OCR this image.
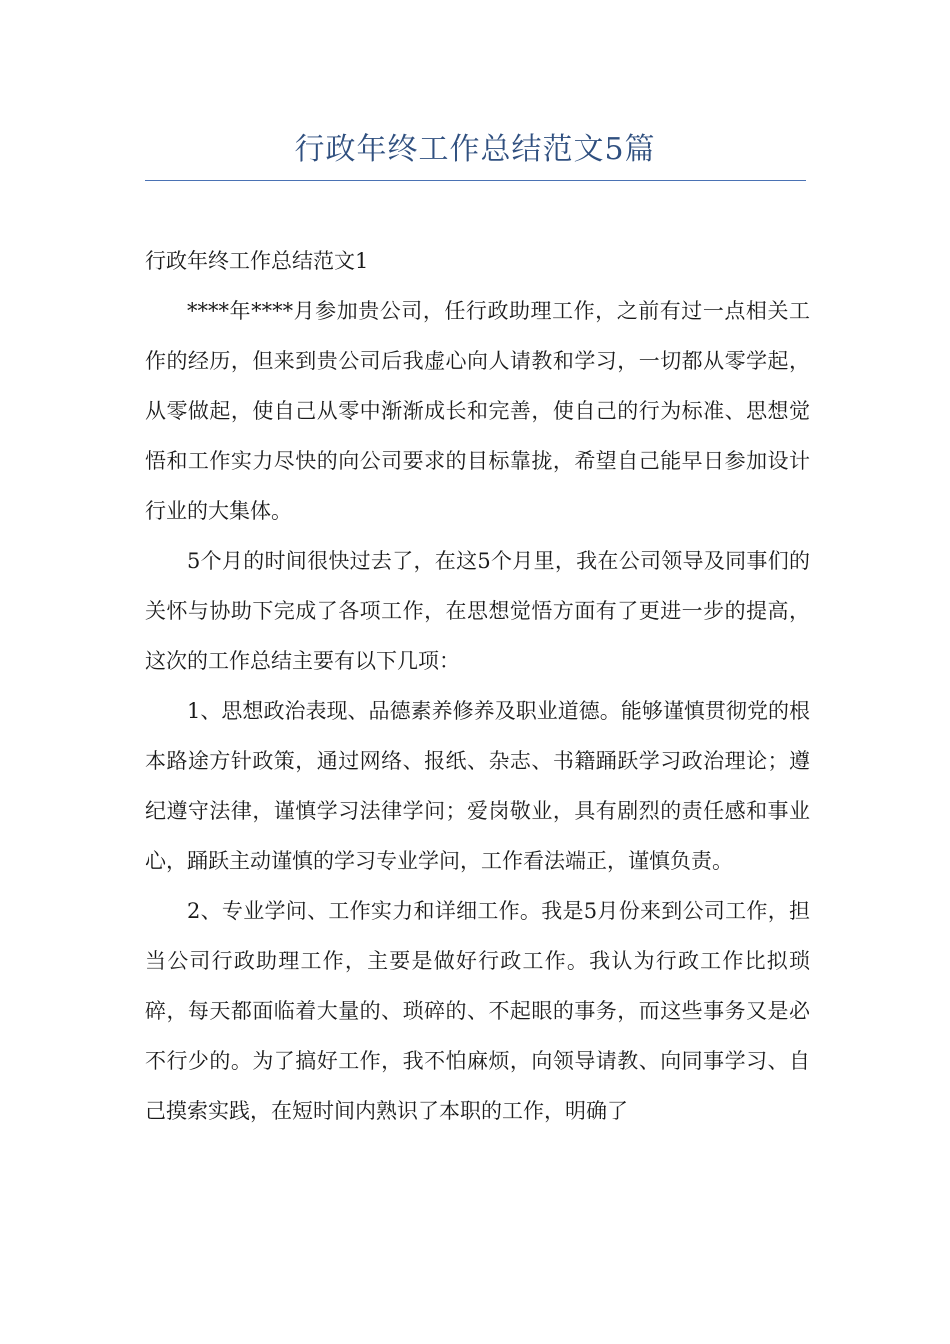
行政年终工作总结范文5篇

行政年终工作总结范文1

****年****月参加贵公司，任行政助理工作，之前有过一点相关工作的经历，但来到贵公司后我虚心向人请教和学习，一切都从零学起，从零做起，使自己从零中渐渐成长和完善，使自己的行为标准、思想觉悟和工作实力尽快的向公司要求的目标靠拢，希望自己能早日参加设计行业的大集体。

5个月的时间很快过去了，在这5个月里，我在公司领导及同事们的关怀与协助下完成了各项工作，在思想觉悟方面有了更进一步的提高，这次的工作总结主要有以下几项：

1、思想政治表现、品德素养修养及职业道德。能够谨慎贯彻党的根本路途方针政策，通过网络、报纸、杂志、书籍踊跃学习政治理论；遵纪遵守法律，谨慎学习法律学问；爱岗敬业，具有剧烈的责任感和事业心，踊跃主动谨慎的学习专业学问，工作看法端正，谨慎负责。

2、专业学问、工作实力和详细工作。我是5月份来到公司工作，担当公司行政助理工作，主要是做好行政工作。我认为行政工作比拟琐碎，每天都面临着大量的、琐碎的、不起眼的事务，而这些事务又是必不行少的。为了搞好工作，我不怕麻烦，向领导请教、向同事学习、自己摸索实践，在短时间内熟识了本职的工作，明确了
